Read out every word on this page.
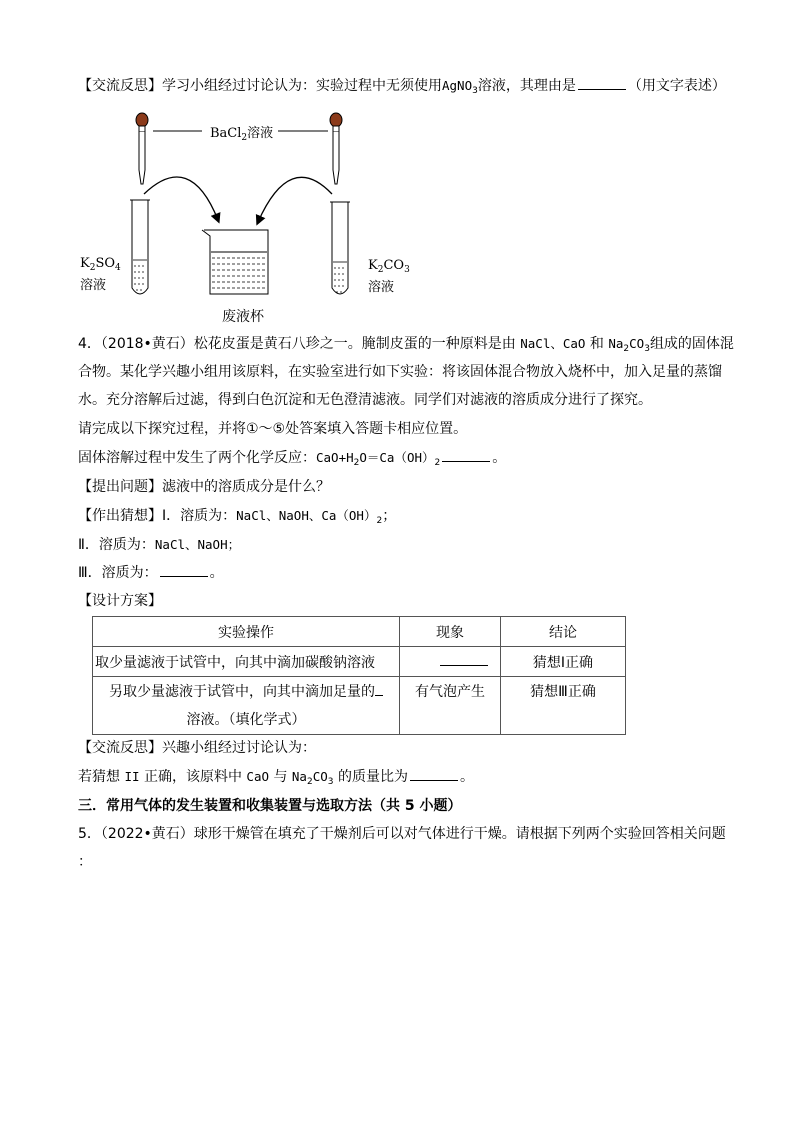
【交流反思】学习小组经过讨论认为：实验过程中无须使用AgNO$_3$溶液，其理由是	（用文字表述）
BaCl$_2$溶液
$K_2SO_4$
溶液
$K_2CO_3$
溶液
废液杯
4．（2018•黄石）松花皮蛋是黄石八珍之一。腌制皮蛋的一种原料是由 NaCl、CaO 和 $Na_2CO_3$组成的固体混
合物。某化学兴趣小组用该原料，在实验室进行如下实验：将该固体混合物放入烧杯中，加入足量的蒸馏
水。充分溶解后过滤，得到白色沉淀和无色澄清滤液。同学们对滤液的溶质成分进行了探究。
请完成以下探究过程，并将①～⑤处答案填入答题卡相应位置。
固体溶解过程中发生了两个化学反应：$CaO+H_2O=Ca(OH)_2$	。
【提出问题】滤液中的溶质成分是什么？
【作出猜想】Ⅰ．溶质为：NaCl、NaOH、$Ca(OH)_2$；
Ⅱ．溶质为：NaCl、NaOH；
Ⅲ．溶质为：	。
【设计方案】
实验操作	现象	结论
取少量滤液于试管中，向其中滴加碳酸钠溶液		猜想Ⅰ正确

另取少量滤液于试管中，向其中滴加足量的
溶液。（填化学式）	有气泡产生	猜想Ⅲ正确
【交流反思】兴趣小组经过讨论认为：
若猜想 II 正确，该原料中 CaO 与 $Na_2CO_3$ 的质量比为	。
三．常用气体的发生装置和收集装置与选取方法（共 5 小题）
5．（2022•黄石）球形干燥管在填充了干燥剂后可以对气体进行干燥。请根据下列两个实验回答相关问题
：
